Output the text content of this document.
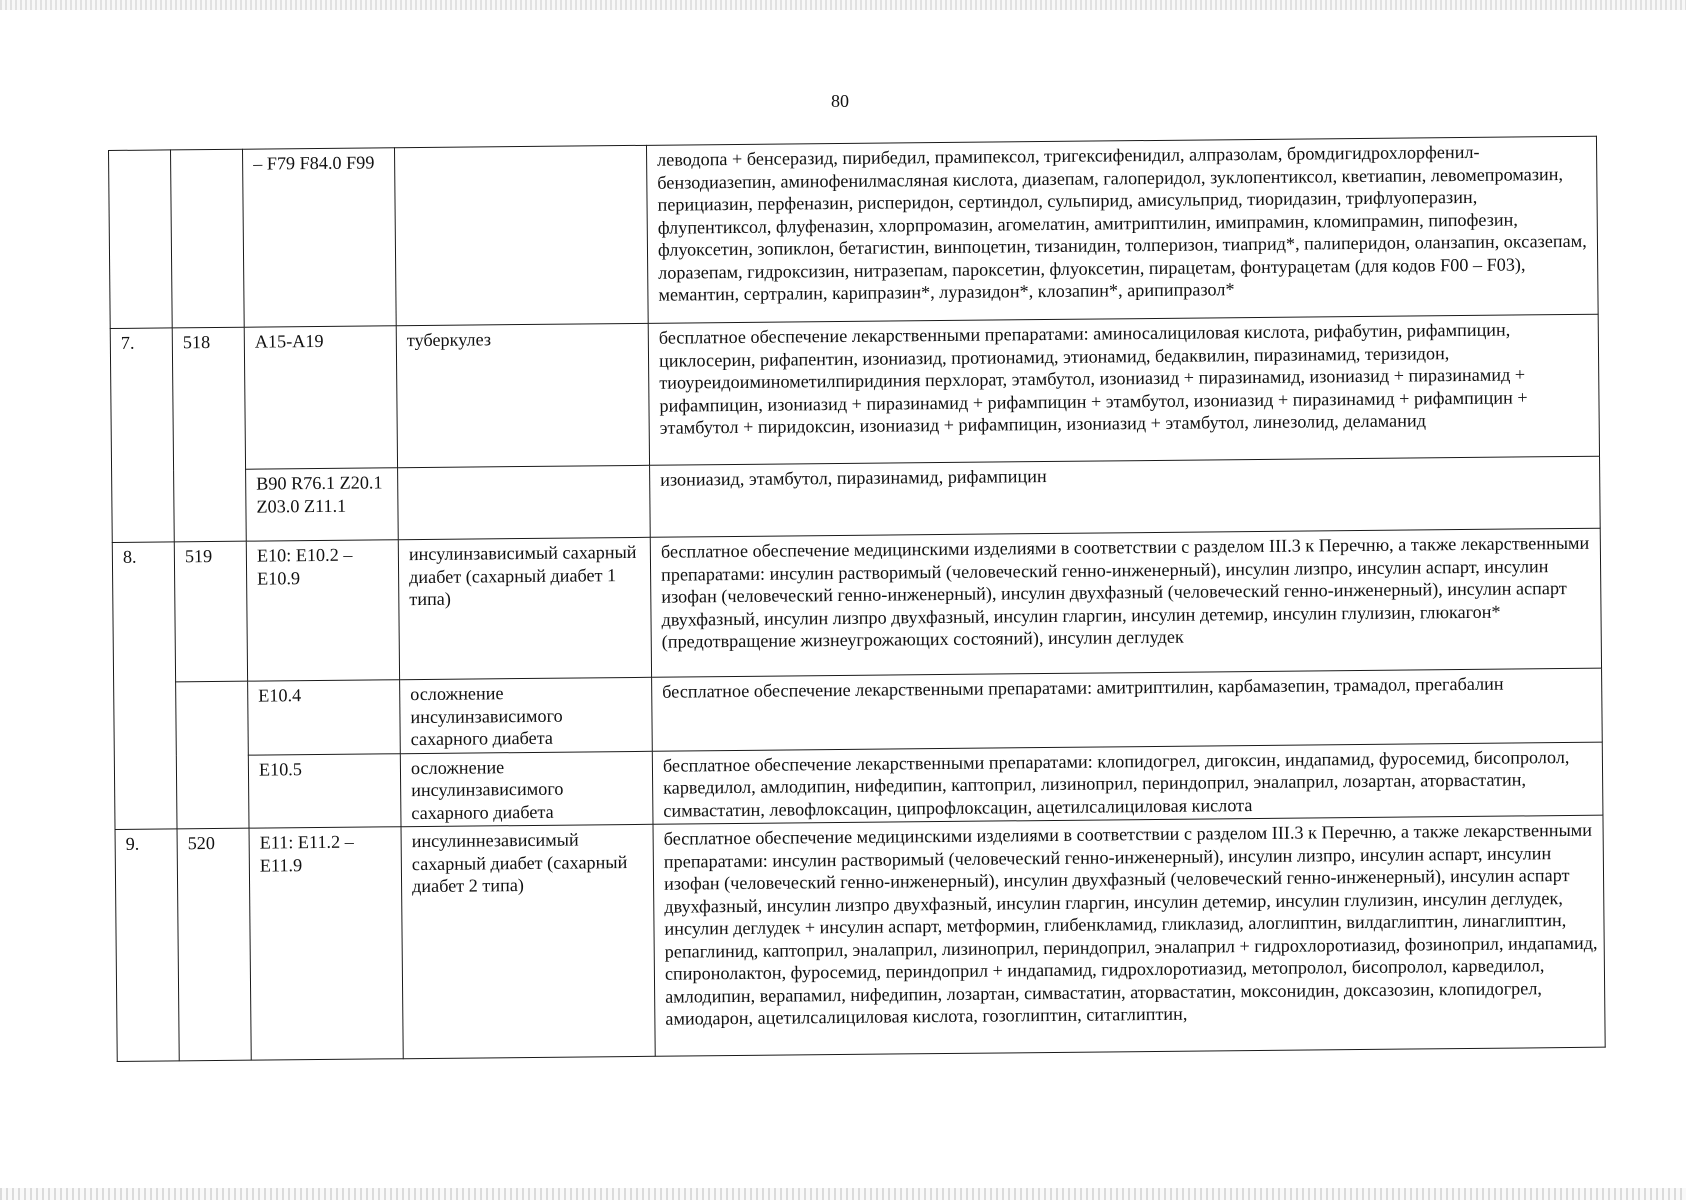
80
		– F79 F84.0 F99		леводопа + бенсеразид, пирибедил, прамипексол, тригексифенидил, алпразолам, бромдигидрохлорфенил-бензодиазепин, аминофенилмасляная кислота, диазепам, галоперидол, зуклопентиксол, кветиапин, левомепромазин, перициазин, перфеназин, рисперидон, сертиндол, сульпирид, амисульприд, тиоридазин, трифлуоперазин, флупентиксол, флуфеназин, хлорпромазин, агомелатин, амитриптилин, имипрамин, кломипрамин, пипофезин, флуоксетин, зопиклон, бетагистин, винпоцетин, тизанидин, толперизон, тиаприд*, палиперидон, оланзапин, оксазепам, лоразепам, гидроксизин, нитразепам, пароксетин, флуоксетин, пирацетам, фонтурацетам (для кодов F00 – F03), мемантин, сертралин, карипразин*, луразидон*, клозапин*, арипипразол*
7.	518	A15-A19	туберкулез	бесплатное обеспечение лекарственными препаратами: аминосалициловая кислота, рифабутин, рифампицин, циклосерин, рифапентин, изониазид, протионамид, этионамид, бедаквилин, пиразинамид, теризидон, тиоуреидоиминометилпиридиния перхлорат, этамбутол, изониазид + пиразинамид, изониазид + пиразинамид + рифампицин, изониазид + пиразинамид + рифампицин + этамбутол, изониазид + пиразинамид + рифампицин + этамбутол + пиридоксин, изониазид + рифампицин, изониазид + этамбутол, линезолид, деламанид
		B90 R76.1 Z20.1 Z03.0 Z11.1		изониазид, этамбутол, пиразинамид, рифампицин
8.	519	E10: E10.2 – E10.9	инсулинзависимый сахарный диабет (сахарный диабет 1 типа)	бесплатное обеспечение медицинскими изделиями в соответствии с разделом III.3 к Перечню, а также лекарственными препаратами: инсулин растворимый (человеческий генно-инженерный), инсулин лизпро, инсулин аспарт, инсулин изофан (человеческий генно-инженерный), инсулин двухфазный (человеческий генно-инженерный), инсулин аспарт двухфазный, инсулин лизпро двухфазный, инсулин гларгин, инсулин детемир, инсулин глулизин, глюкагон* (предотвращение жизнеугрожающих состояний), инсулин деглудек
		E10.4	осложнение инсулинзависимого сахарного диабета	бесплатное обеспечение лекарственными препаратами: амитриптилин, карбамазепин, трамадол, прегабалин
		E10.5	осложнение инсулинзависимого сахарного диабета	бесплатное обеспечение лекарственными препаратами: клопидогрел, дигоксин, индапамид, фуросемид, бисопролол, карведилол, амлодипин, нифедипин, каптоприл, лизиноприл, периндоприл, эналаприл, лозартан, аторвастатин, симвастатин, левофлоксацин, ципрофлоксацин, ацетилсалициловая кислота
9.	520	E11: E11.2 – E11.9	инсулиннезависимый сахарный диабет (сахарный диабет 2 типа)	бесплатное обеспечение медицинскими изделиями в соответствии с разделом III.3 к Перечню, а также лекарственными препаратами: инсулин растворимый (человеческий генно-инженерный), инсулин лизпро, инсулин аспарт, инсулин изофан (человеческий генно-инженерный), инсулин двухфазный (человеческий генно-инженерный), инсулин аспарт двухфазный, инсулин лизпро двухфазный, инсулин гларгин, инсулин детемир, инсулин глулизин, инсулин деглудек, инсулин деглудек + инсулин аспарт, метформин, глибенкламид, гликлазид, алоглиптин, вилдаглиптин, линаглиптин, репаглинид, каптоприл, эналаприл, лизиноприл, периндоприл, эналаприл + гидрохлоротиазид, фозиноприл, индапамид, спиронолактон, фуросемид, периндоприл + индапамид, гидрохлоротиазид, метопролол, бисопролол, карведилол, амлодипин, верапамил, нифедипин, лозартан, симвастатин, аторвастатин, моксонидин, доксазозин, клопидогрел, амиодарон, ацетилсалициловая кислота, гозоглиптин, ситаглиптин,
